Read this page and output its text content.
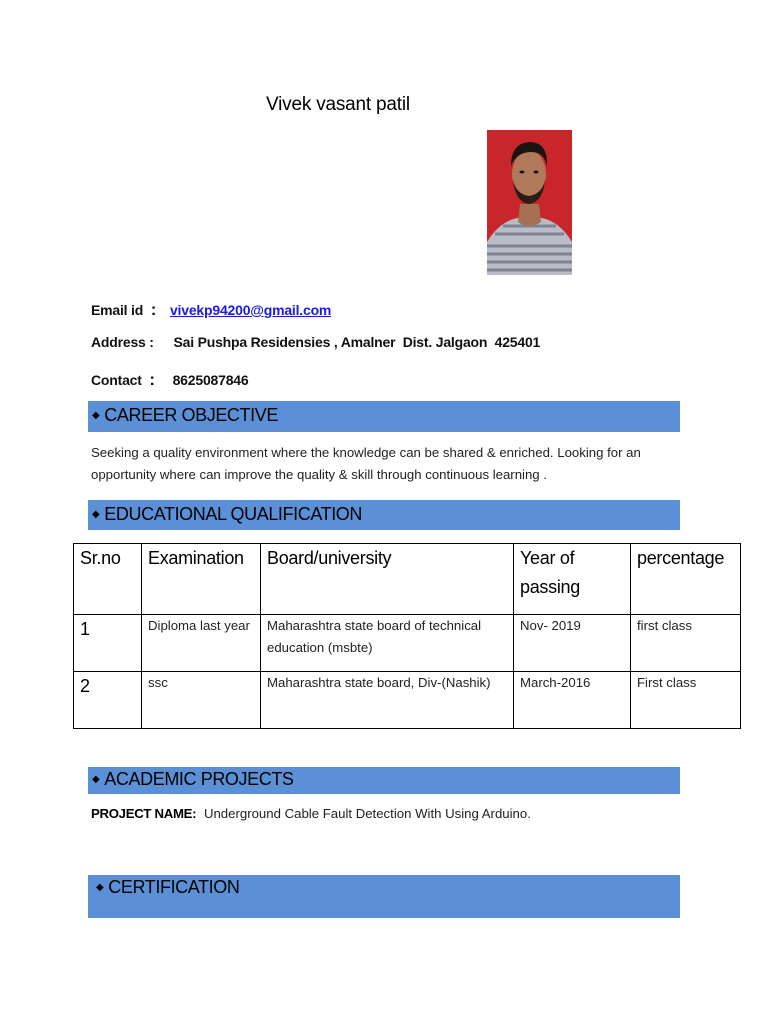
Vivek vasant patil
Email id : vivekp94200@gmail.com
Address : Sai Pushpa Residensies , Amalner  Dist. Jalgaon  425401
Contact : 8625087846
◆ CAREER OBJECTIVE
Seeking a quality environment where the knowledge can be shared & enriched. Looking for an opportunity where can improve the quality & skill through continuous learning .
◆ EDUCATIONAL QUALIFICATION
Sr.no	Examination	Board/university	Year of passing	percentage
1	Diploma last year	Maharashtra state board of technical education (msbte)	Nov- 2019	first class
2	ssc	Maharashtra state board, Div-(Nashik)	March-2016	First class
◆ ACADEMIC PROJECTS
PROJECT NAME: Underground Cable Fault Detection With Using Arduino.
◆ CERTIFICATION
